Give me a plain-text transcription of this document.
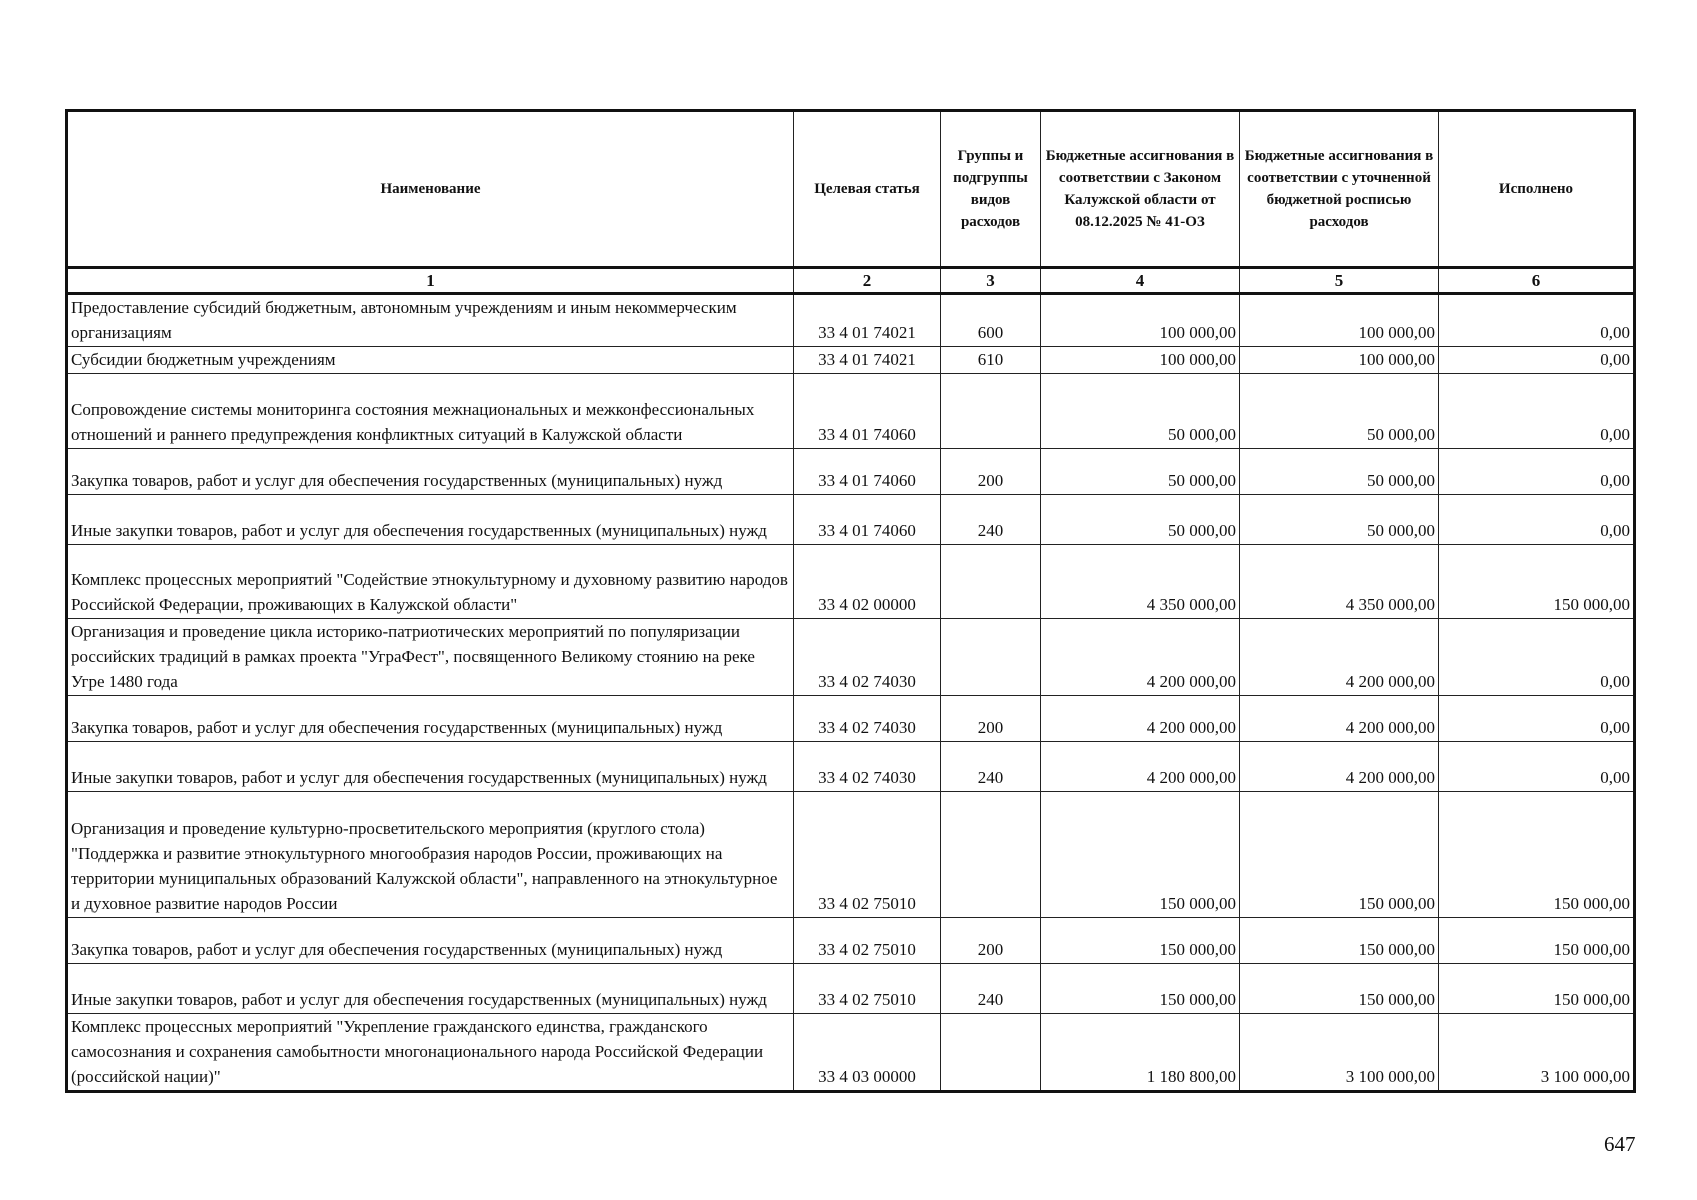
Наименование	Целевая статья	Группы и подгруппы видов расходов	Бюджетные ассигнования в соответствии с Законом Калужской области от 08.12.2025 № 41-ОЗ	Бюджетные ассигнования в соответствии с уточненной бюджетной росписью расходов	Исполнено
1	2	3	4	5	6
Предоставление субсидий бюджетным, автономным учреждениям и иным некоммерческим организациям	33 4 01 74021	600	100 000,00	100 000,00	0,00
Субсидии бюджетным учреждениям	33 4 01 74021	610	100 000,00	100 000,00	0,00
Сопровождение системы мониторинга состояния межнациональных и межконфессиональных отношений и раннего предупреждения конфликтных ситуаций в Калужской области	33 4 01 74060		50 000,00	50 000,00	0,00
Закупка товаров, работ и услуг для обеспечения государственных (муниципальных) нужд	33 4 01 74060	200	50 000,00	50 000,00	0,00
Иные закупки товаров, работ и услуг для обеспечения государственных (муниципальных) нужд	33 4 01 74060	240	50 000,00	50 000,00	0,00
Комплекс процессных мероприятий "Содействие этнокультурному и духовному развитию народов Российской Федерации, проживающих в Калужской области"	33 4 02 00000		4 350 000,00	4 350 000,00	150 000,00
Организация и проведение цикла историко-патриотических мероприятий по популяризации российских традиций в рамках проекта "УграФест", посвященного Великому стоянию на реке Угре 1480 года	33 4 02 74030		4 200 000,00	4 200 000,00	0,00
Закупка товаров, работ и услуг для обеспечения государственных (муниципальных) нужд	33 4 02 74030	200	4 200 000,00	4 200 000,00	0,00
Иные закупки товаров, работ и услуг для обеспечения государственных (муниципальных) нужд	33 4 02 74030	240	4 200 000,00	4 200 000,00	0,00
Организация и проведение культурно-просветительского мероприятия (круглого стола) "Поддержка и развитие этнокультурного многообразия народов России, проживающих на территории муниципальных образований Калужской области", направленного на этнокультурное и духовное развитие народов России	33 4 02 75010		150 000,00	150 000,00	150 000,00
Закупка товаров, работ и услуг для обеспечения государственных (муниципальных) нужд	33 4 02 75010	200	150 000,00	150 000,00	150 000,00
Иные закупки товаров, работ и услуг для обеспечения государственных (муниципальных) нужд	33 4 02 75010	240	150 000,00	150 000,00	150 000,00
Комплекс процессных мероприятий "Укрепление гражданского единства, гражданского самосознания и сохранения самобытности многонационального народа Российской Федерации (российской нации)"	33 4 03 00000		1 180 800,00	3 100 000,00	3 100 000,00
647
